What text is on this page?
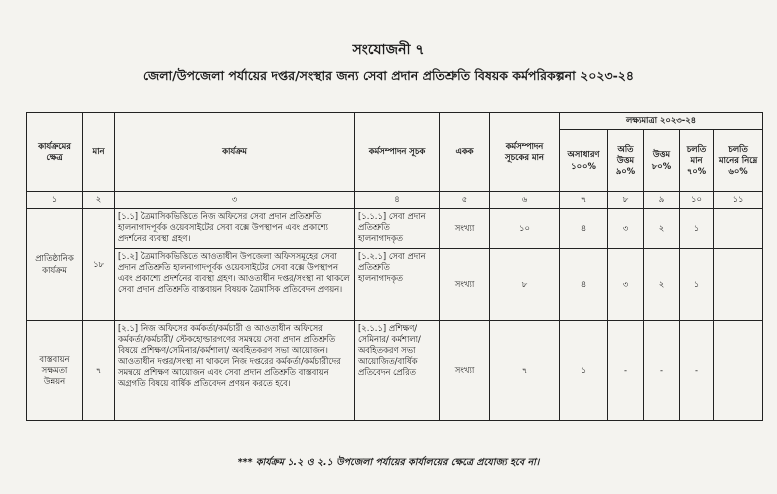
সংযোজনী ৭
জেলা/উপজেলা পর্যায়ের দপ্তর/সংস্থার জন্য সেবা প্রদান প্রতিশ্রুতি বিষয়ক কর্মপরিকল্পনা ২০২৩-২৪
কার্যক্রমের ক্ষেত্র	মান	কার্যক্রম	কর্মসম্পাদন সূচক	একক	কর্মসম্পাদন সূচকের মান	লক্ষ্যমাত্রা ২০২৩-২৪				
						অসাধারণ ১০০%	অতি উত্তম ৯০%	উত্তম ৮০%	চলতি মান ৭০%	চলতি মানের নিম্নে ৬০%
১	২	৩	৪	৫	৬	৭	৮	৯	১০	১১
প্রাতিষ্ঠানিক কার্যক্রম	১৮	[১.১] ত্রৈমাসিকভিত্তিতে নিজ অফিসের সেবা প্রদান প্রতিশ্রুতি হালনাগাদপূর্বক ওয়েবসাইটের সেবা বক্সে উপস্থাপন এবং প্রকাশ্যে প্রদর্শনের ব্যবস্থা গ্রহণ।	[১.১.১] সেবা প্রদান প্রতিশ্রুতি হালনাগাদকৃত	সংখ্যা	১০	৪	৩	২	১	
		[১.২] ত্রৈমাসিকভিত্তিতে আওতাধীন উপজেলা অফিসসমূহের সেবা প্রদান প্রতিশ্রুতি হালনাগাদপূর্বক ওয়েবসাইটের সেবা বক্সে উপস্থাপন এবং প্রকাশ্যে প্রদর্শনের ব্যবস্থা গ্রহণ। আওতাধীন দপ্তর/সংস্থা না থাকলে সেবা প্রদান প্রতিশ্রুতি বাস্তবায়ন বিষয়ক ত্রৈমাসিক প্রতিবেদন প্রণয়ন।	[১.২.১] সেবা প্রদান প্রতিশ্রুতি হালনাগাদকৃত	সংখ্যা	৮	৪	৩	২	১	
বাস্তবায়ন সক্ষমতা উন্নয়ন	৭	[২.১] নিজ অফিসের কর্মকর্তা/কর্মচারী ও আওতাধীন অফিসের কর্মকর্তা/কর্মচারী/ স্টেকহোল্ডারগণের সমন্বয়ে সেবা প্রদান প্রতিশ্রুতি বিষয়ে প্রশিক্ষণ/সেমিনার/কর্মশালা/ অবহিতকরণ সভা আয়োজন। আওতাধীন দপ্তর/সংস্থা না থাকলে নিজ দপ্তরের কর্মকর্তা/কর্মচারীদের সমন্বয়ে প্রশিক্ষণ আয়োজন এবং সেবা প্রদান প্রতিশ্রুতি বাস্তবায়ন অগ্রগতি বিষয়ে বার্ষিক প্রতিবেদন প্রণয়ন করতে হবে।	[২.১.১] প্রশিক্ষণ/সেমিনার/ কর্মশালা/ অবহিতকরণ সভা আয়োজিত/বার্ষিক প্রতিবেদন প্রেরিত	সংখ্যা	৭	১	-	-	-	
*** কার্যক্রম ১.২ ও ২.১ উপজেলা পর্যায়ের কার্যালয়ের ক্ষেত্রে প্রযোজ্য হবে না।
